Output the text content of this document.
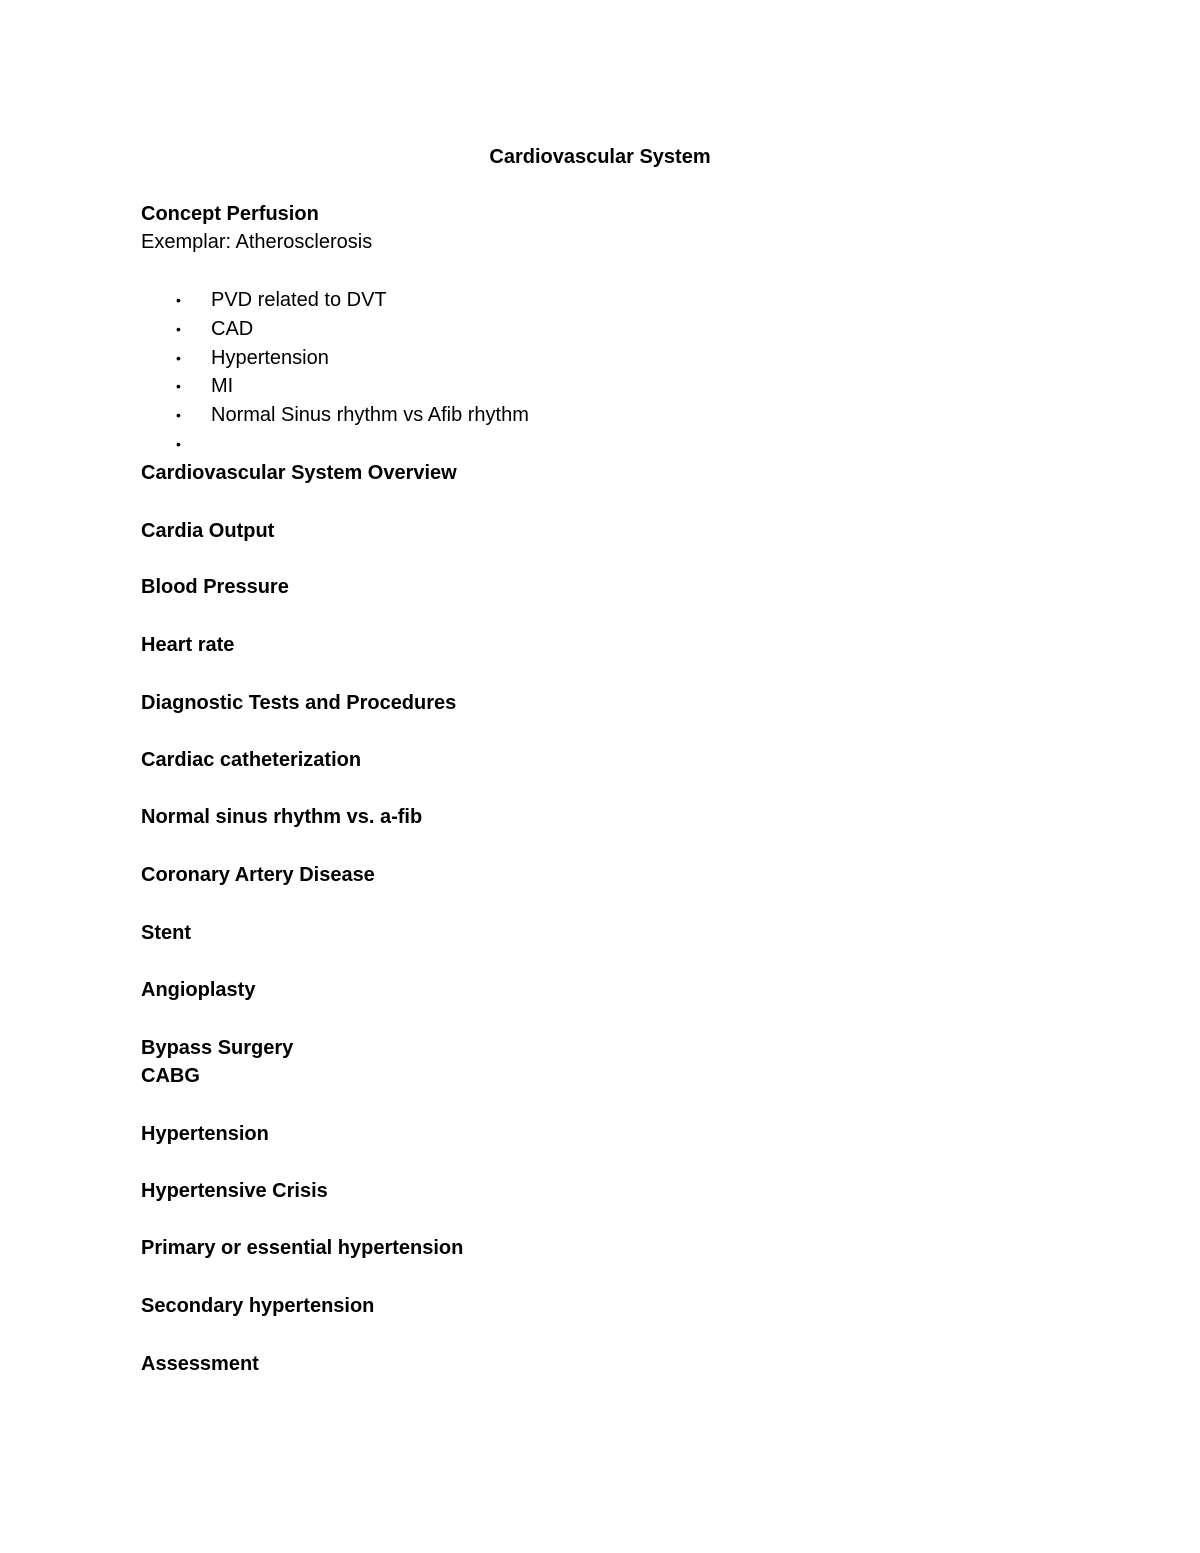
Cardiovascular System
Concept Perfusion
Exemplar: Atherosclerosis
• PVD related to DVT
• CAD
• Hypertension
• MI
• Normal Sinus rhythm vs Afib rhythm
•
Cardiovascular System Overview
Cardia Output
Blood Pressure
Heart rate
Diagnostic Tests and Procedures
Cardiac catheterization
Normal sinus rhythm vs. a-fib
Coronary Artery Disease
Stent
Angioplasty
Bypass Surgery
CABG
Hypertension
Hypertensive Crisis
Primary or essential hypertension
Secondary hypertension
Assessment
